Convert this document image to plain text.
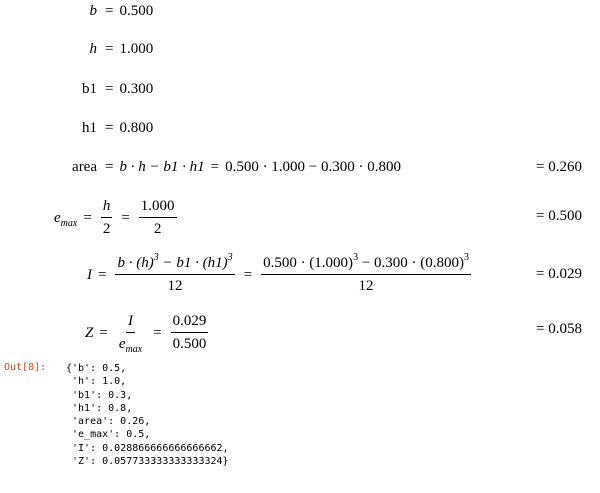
b = 0.500
h = 1.000
b1 = 0.300
h1 = 0.800
area = b · h − b1 · h1 = 0.500 · 1.000 − 0.300 · 0.800	= 0.260
$e_{max} = \frac{h}{2} = \frac{1.000}{2}$	= 0.500
$I = \frac{b \cdot (h)^3 - b1 \cdot (h1)^3}{12} = \frac{0.500 \cdot (1.000)^3 - 0.300 \cdot (0.800)^3}{12}$	= 0.029
$Z = \frac{I}{e_{max}} = \frac{0.029}{0.500}$	= 0.058
Out[8]: {'b': 0.5,
'h': 1.0,
'b1': 0.3,
'h1': 0.8,
'area': 0.26,
'e_max': 0.5,
'I': 0.028866666666666662,
'Z': 0.057733333333333324}
